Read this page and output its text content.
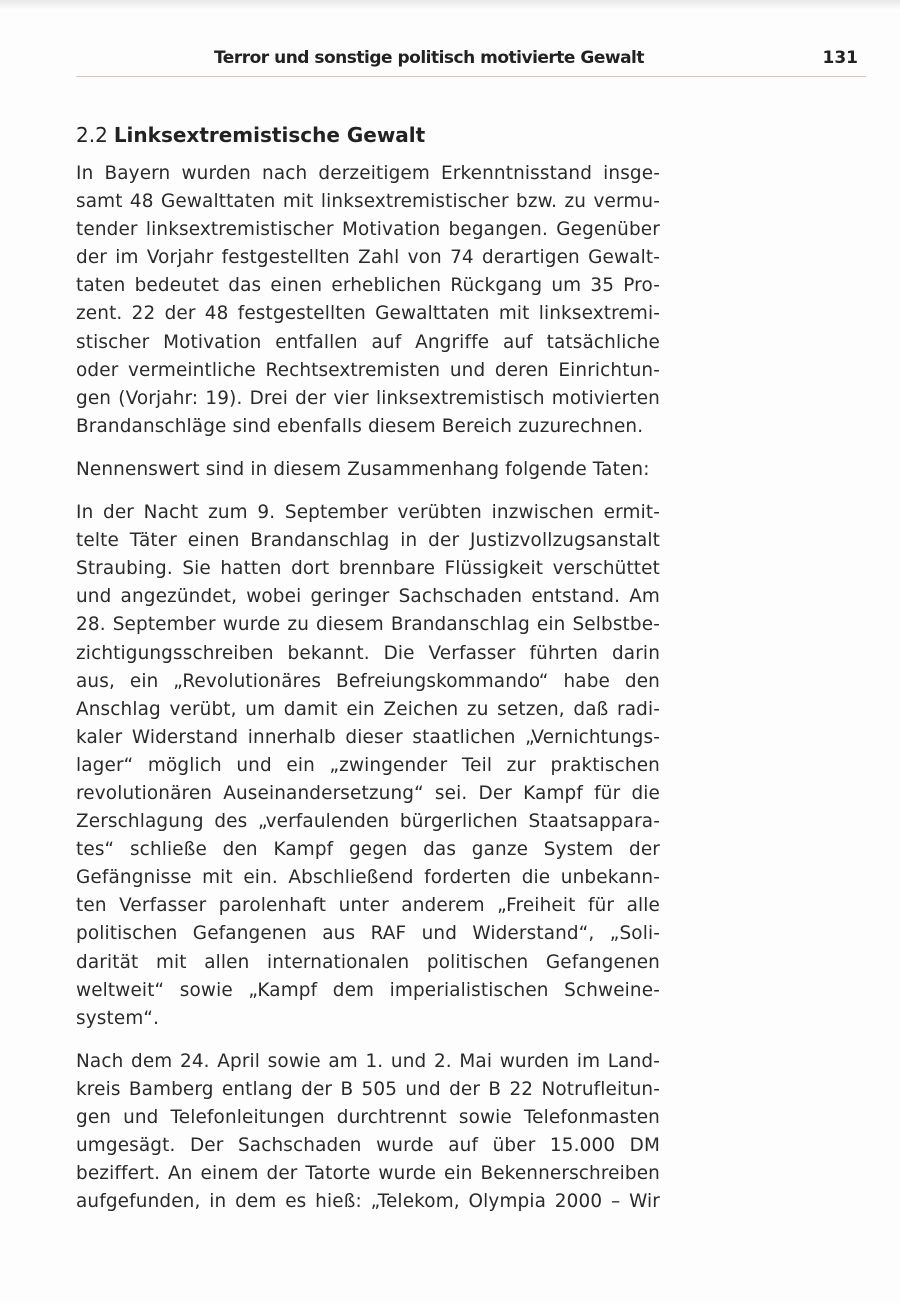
Terror und sonstige politisch motivierte Gewalt	131
2.2 Linksextremistische Gewalt

In Bayern wurden nach derzeitigem Erkenntnisstand insge-
samt 48 Gewalttaten mit linksextremistischer bzw. zu vermu-
tender linksextremistischer Motivation begangen. Gegenüber
der im Vorjahr festgestellten Zahl von 74 derartigen Gewalt-
taten bedeutet das einen erheblichen Rückgang um 35 Pro-
zent. 22 der 48 festgestellten Gewalttaten mit linksextremi-
stischer Motivation entfallen auf Angriffe auf tatsächliche
oder vermeintliche Rechtsextremisten und deren Einrichtun-
gen (Vorjahr: 19). Drei der vier linksextremistisch motivierten
Brandanschläge sind ebenfalls diesem Bereich zuzurechnen.

Nennenswert sind in diesem Zusammenhang folgende Taten:

In der Nacht zum 9. September verübten inzwischen ermit-
telte Täter einen Brandanschlag in der Justizvollzugsanstalt
Straubing. Sie hatten dort brennbare Flüssigkeit verschüttet
und angezündet, wobei geringer Sachschaden entstand. Am
28. September wurde zu diesem Brandanschlag ein Selbstbe-
zichtigungsschreiben bekannt. Die Verfasser führten darin
aus, ein „Revolutionäres Befreiungskommando“ habe den
Anschlag verübt, um damit ein Zeichen zu setzen, daß radi-
kaler Widerstand innerhalb dieser staatlichen „Vernichtungs-
lager“ möglich und ein „zwingender Teil zur praktischen
revolutionären Auseinandersetzung“ sei. Der Kampf für die
Zerschlagung des „verfaulenden bürgerlichen Staatsappara-
tes“ schließe den Kampf gegen das ganze System der
Gefängnisse mit ein. Abschließend forderten die unbekann-
ten Verfasser parolenhaft unter anderem „Freiheit für alle
politischen Gefangenen aus RAF und Widerstand“, „Soli-
darität mit allen internationalen politischen Gefangenen
weltweit“ sowie „Kampf dem imperialistischen Schweine-
system“.

Nach dem 24. April sowie am 1. und 2. Mai wurden im Land-
kreis Bamberg entlang der B 505 und der B 22 Notrufleitun-
gen und Telefonleitungen durchtrennt sowie Telefonmasten
umgesägt. Der Sachschaden wurde auf über 15.000 DM
beziffert. An einem der Tatorte wurde ein Bekennerschreiben
aufgefunden, in dem es hieß: „Telekom, Olympia 2000 – Wir
